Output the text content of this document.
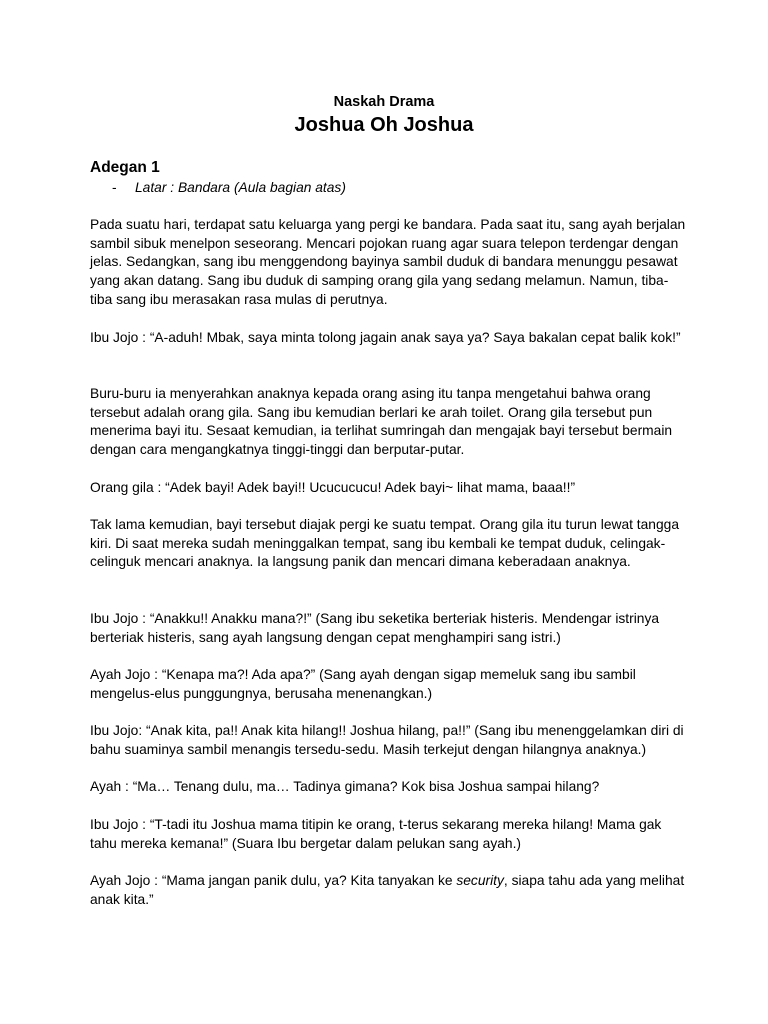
Naskah Drama
Joshua Oh Joshua
Adegan 1
- Latar : Bandara (Aula bagian atas)

Pada suatu hari, terdapat satu keluarga yang pergi ke bandara. Pada saat itu, sang ayah berjalan sambil sibuk menelpon seseorang. Mencari pojokan ruang agar suara telepon terdengar dengan jelas. Sedangkan, sang ibu menggendong bayinya sambil duduk di bandara menunggu pesawat yang akan datang. Sang ibu duduk di samping orang gila yang sedang melamun. Namun, tiba-tiba sang ibu merasakan rasa mulas di perutnya.

Ibu Jojo : “A-aduh! Mbak, saya minta tolong jagain anak saya ya? Saya bakalan cepat balik kok!”

Buru-buru ia menyerahkan anaknya kepada orang asing itu tanpa mengetahui bahwa orang tersebut adalah orang gila. Sang ibu kemudian berlari ke arah toilet. Orang gila tersebut pun menerima bayi itu. Sesaat kemudian, ia terlihat sumringah dan mengajak bayi tersebut bermain dengan cara mengangkatnya tinggi-tinggi dan berputar-putar.

Orang gila : “Adek bayi! Adek bayi!! Ucucucucu! Adek bayi~ lihat mama, baaa!!”

Tak lama kemudian, bayi tersebut diajak pergi ke suatu tempat. Orang gila itu turun lewat tangga kiri. Di saat mereka sudah meninggalkan tempat, sang ibu kembali ke tempat duduk, celingak-celinguk mencari anaknya. Ia langsung panik dan mencari dimana keberadaan anaknya.

Ibu Jojo : “Anakku!! Anakku mana?!” (Sang ibu seketika berteriak histeris. Mendengar istrinya berteriak histeris, sang ayah langsung dengan cepat menghampiri sang istri.)

Ayah Jojo : “Kenapa ma?! Ada apa?” (Sang ayah dengan sigap memeluk sang ibu sambil mengelus-elus punggungnya, berusaha menenangkan.)

Ibu Jojo: “Anak kita, pa!! Anak kita hilang!! Joshua hilang, pa!!” (Sang ibu menenggelamkan diri di bahu suaminya sambil menangis tersedu-sedu. Masih terkejut dengan hilangnya anaknya.)

Ayah : “Ma… Tenang dulu, ma… Tadinya gimana? Kok bisa Joshua sampai hilang?

Ibu Jojo : “T-tadi itu Joshua mama titipin ke orang, t-terus sekarang mereka hilang! Mama gak tahu mereka kemana!” (Suara Ibu bergetar dalam pelukan sang ayah.)

Ayah Jojo : “Mama jangan panik dulu, ya? Kita tanyakan ke security, siapa tahu ada yang melihat anak kita.”
